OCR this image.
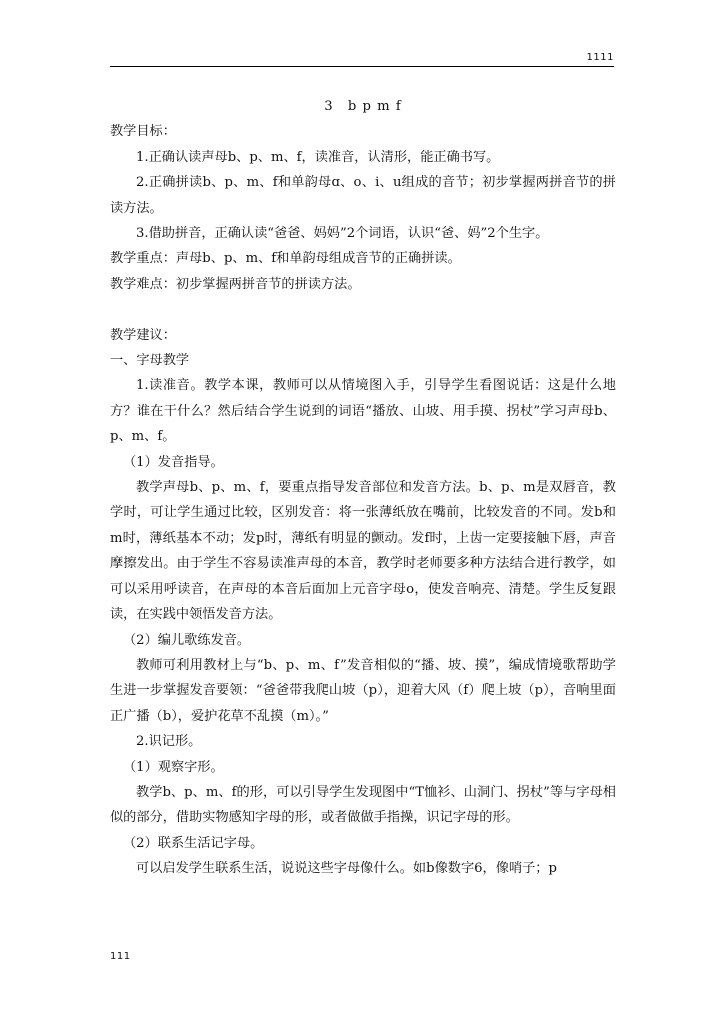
1111

3　b p m f

教学目标：

1.正确认读声母b、p、m、f，读准音，认清形，能正确书写。

2.正确拼读b、p、m、f和单韵母ɑ、o、i、u组成的音节；初步掌握两拼音节的拼读方法。

3.借助拼音，正确认读“爸爸、妈妈”2个词语，认识“爸、妈”2个生字。

教学重点：声母b、p、m、f和单韵母组成音节的正确拼读。

教学难点：初步掌握两拼音节的拼读方法。

教学建议：

一、字母教学

1.读准音。教学本课，教师可以从情境图入手，引导学生看图说话：这是什么地方？谁在干什么？然后结合学生说到的词语“播放、山坡、用手摸、拐杖”学习声母b、p、m、f。

（1）发音指导。

教学声母b、p、m、f，要重点指导发音部位和发音方法。b、p、m是双唇音，教学时，可让学生通过比较，区别发音：将一张薄纸放在嘴前，比较发音的不同。发b和m时，薄纸基本不动；发p时，薄纸有明显的颤动。发f时，上齿一定要接触下唇，声音摩擦发出。由于学生不容易读准声母的本音，教学时老师要多种方法结合进行教学，如可以采用呼读音，在声母的本音后面加上元音字母o，使发音响亮、清楚。学生反复跟读，在实践中领悟发音方法。

（2）编儿歌练发音。

教师可利用教材上与“b、p、m、f”发音相似的“播、坡、摸”，编成情境歌帮助学生进一步掌握发音要领：“爸爸带我爬山坡（p），迎着大风（f）爬上坡（p），音响里面正广播（b），爱护花草不乱摸（m）。”

2.识记形。

（1）观察字形。

教学b、p、m、f的形，可以引导学生发现图中“T恤衫、山洞门、拐杖”等与字母相似的部分，借助实物感知字母的形，或者做做手指操，识记字母的形。

（2）联系生活记字母。

可以启发学生联系生活，说说这些字母像什么。如b像数字6，像哨子；p

111
